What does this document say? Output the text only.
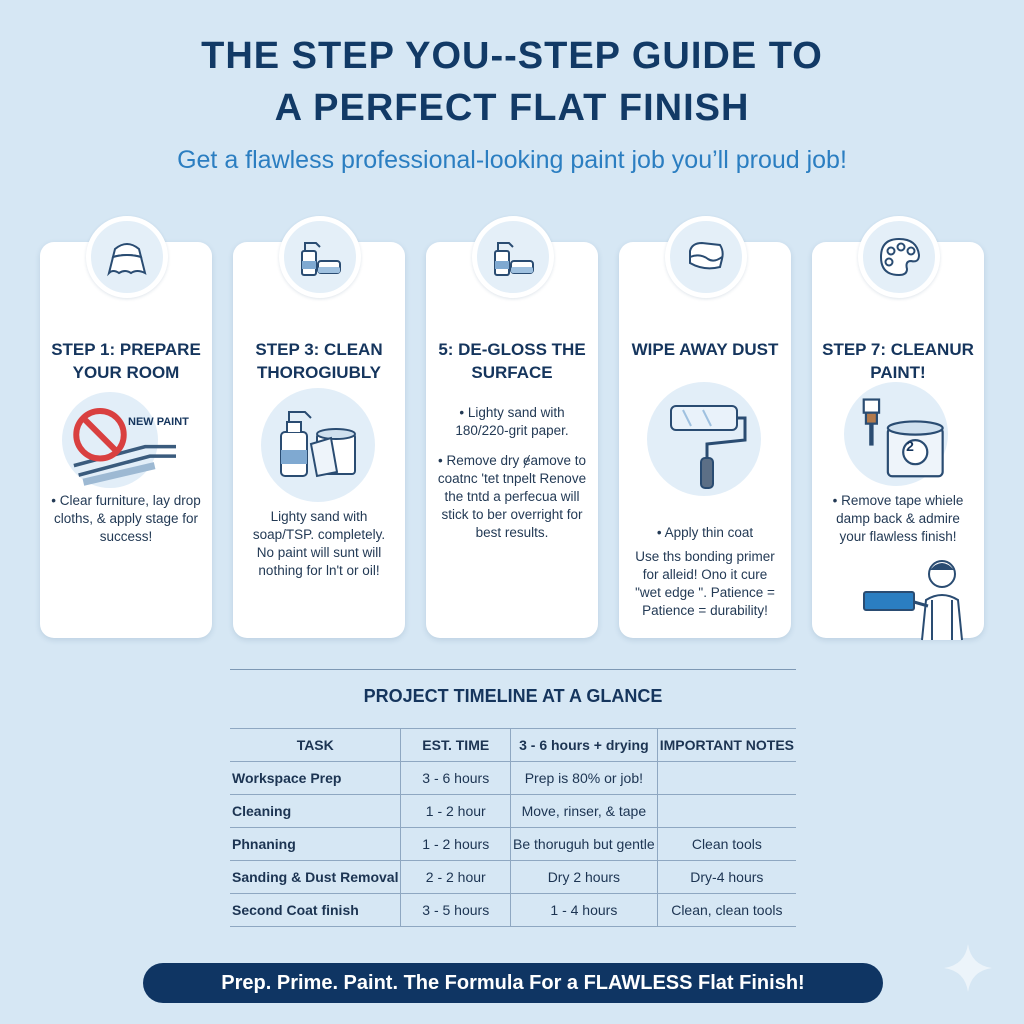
THE STEP YOU--STEP GUIDE TO
A PERFECT FLAT FINISH
Get a flawless professional-looking paint job you’ll proud job!
STEP 1: PREPARE YOUR ROOM
NEW PAINT
• Clear furniture, lay drop cloths, & apply stage for success!
STEP 3: CLEAN THOROGIUBLY
Lighty sand with soap/TSP. completely. No paint will sunt will nothing for ln't or oil!
5: DE-GLOSS THE SURFACE
• Lighty sand with 180/220-grit paper.
• Remove dry ɇamove to coatnc 'tet tnpelt Renove the tntd a perfecua will stick to ber overright for best results.
WIPE AWAY DUST
• Apply thin coat
Use ths bonding primer for alleid! Ono it cure "wet edge ". Patience = Patience = durability!
STEP 7: CLEANUR PAINT!
2
• Remove tape whiele damp back & admire your flawless finish!
PROJECT TIMELINE AT A GLANCE
TASK	EST. TIME	3 - 6 hours + drying	IMPORTANT NOTES
Workspace Prep	3 - 6 hours	Prep is 80% or job!	
Cleaning	1 - 2 hour	Move, rinser, & tape	
Phnaning	1 - 2 hours	Be thoruguh but gentle	Clean tools
Sanding & Dust Removal	2 - 2 hour	Dry 2 hours	Dry-4 hours
Second Coat finish	3 - 5 hours	1 - 4 hours	Clean, clean tools
Prep. Prime. Paint. The Formula For a FLAWLESS Flat Finish!
